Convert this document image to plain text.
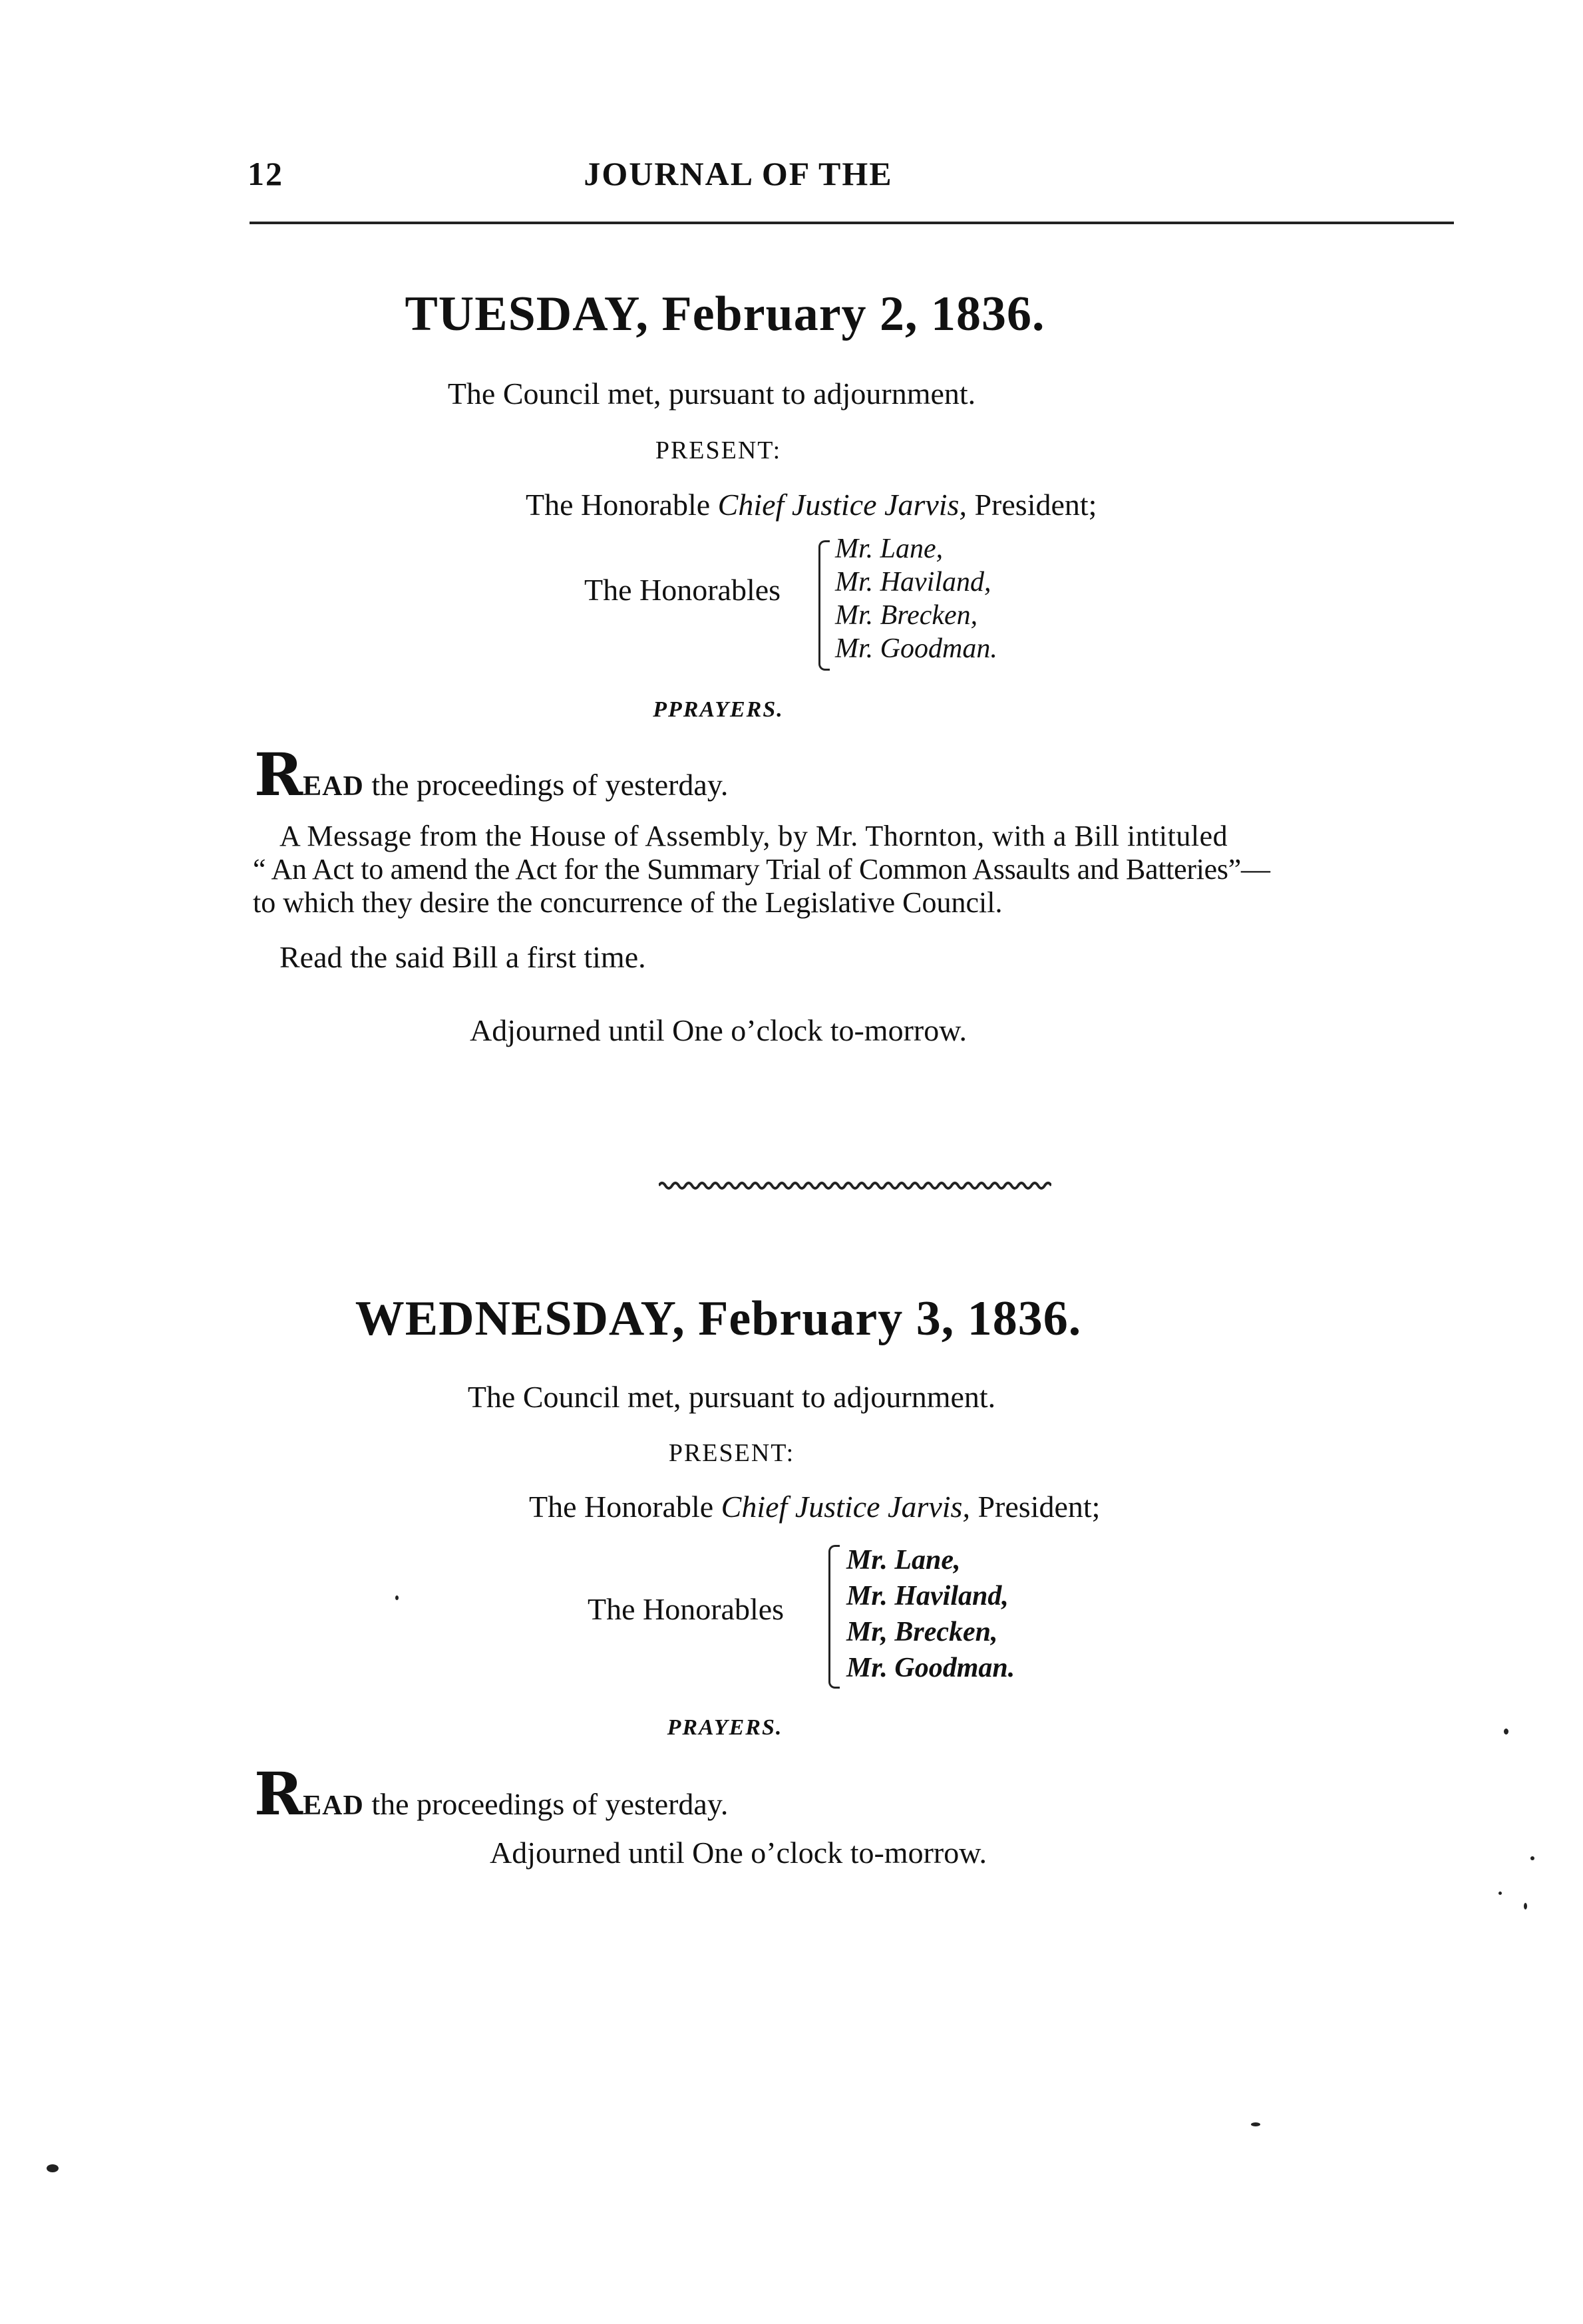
12	JOURNAL OF THE
TUESDAY, February 2, 1836.
The Council met, pursuant to adjournment.
PRESENT:
The Honorable Chief Justice Jarvis, President;
The Honorables
Mr. Lane,
Mr. Haviland,
Mr. Brecken,
Mr. Goodman.
PPRAYERS.
READ the proceedings of yesterday.
A Message from the House of Assembly, by Mr. Thornton, with a Bill intituled
“ An Act to amend the Act for the Summary Trial of Common Assaults and Batteries”—
to which they desire the concurrence of the Legislative Council.
Read the said Bill a first time.
Adjourned until One o’clock to-morrow.
WEDNESDAY, February 3, 1836.
The Council met, pursuant to adjournment.
PRESENT:
The Honorable Chief Justice Jarvis, President;
The Honorables
Mr. Lane,
Mr. Haviland,
Mr, Brecken,
Mr. Goodman.
PRAYERS.
READ the proceedings of yesterday.
Adjourned until One o’clock to-morrow.
